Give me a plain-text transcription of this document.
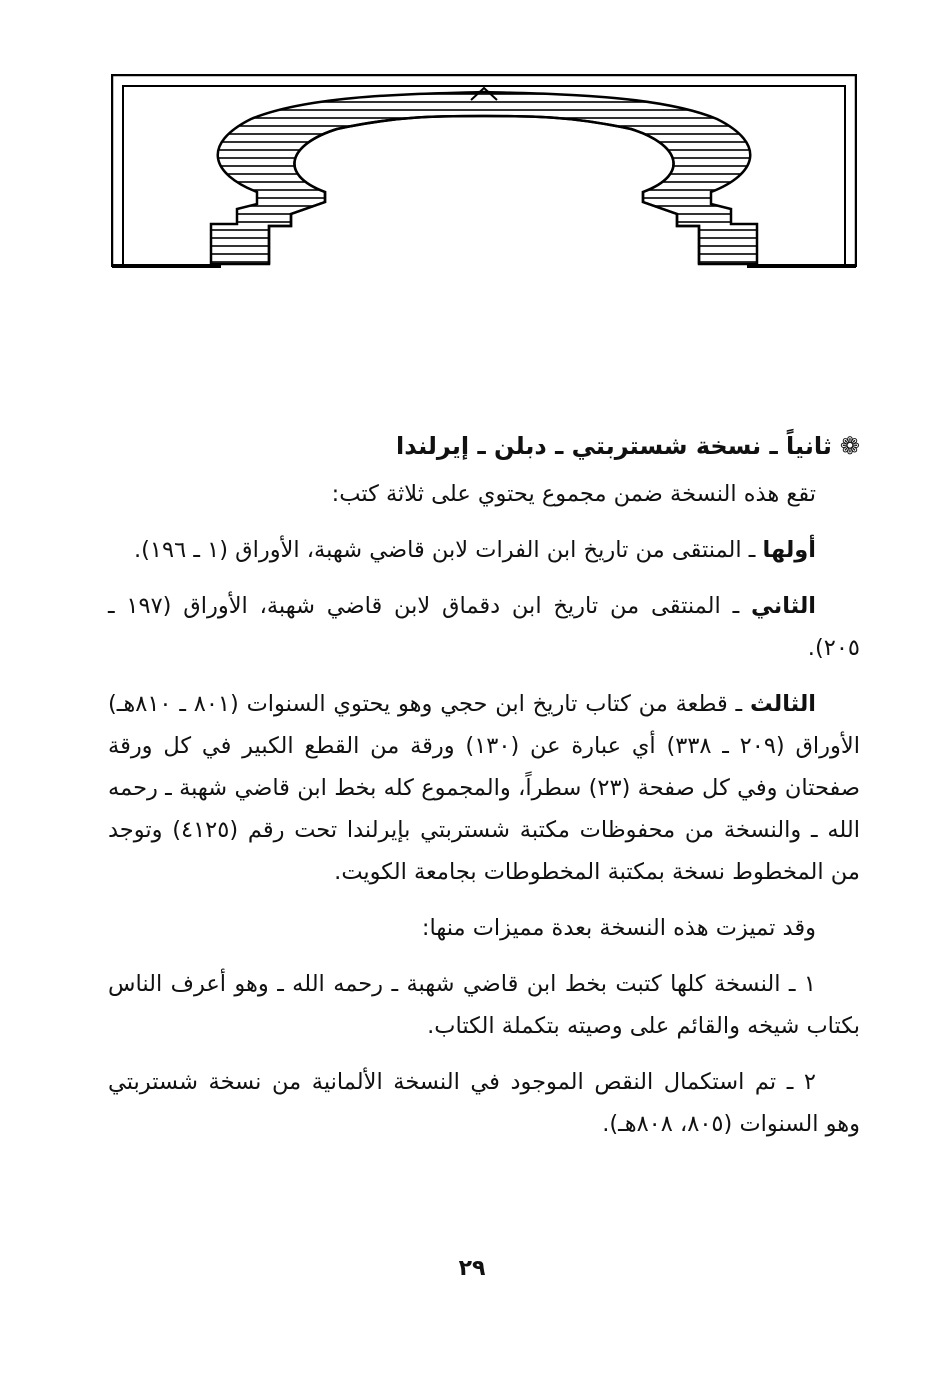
❁
ثانياً ـ نسخة شستربتي ـ دبلن ـ إيرلندا

تقع هذه النسخة ضمن مجموع يحتوي على ثلاثة كتب:

أولها ـ المنتقى من تاريخ ابن الفرات لابن قاضي شهبة، الأوراق (١ ـ ١٩٦).

الثاني ـ المنتقى من تاريخ ابن دقماق لابن قاضي شهبة، الأوراق (١٩٧ ـ ٢٠٥).

الثالث ـ قطعة من كتاب تاريخ ابن حجي وهو يحتوي السنوات (٨٠١ ـ ٨١٠هـ) الأوراق (٢٠٩ ـ ٣٣٨) أي عبارة عن (١٣٠) ورقة من القطع الكبير في كل ورقة صفحتان وفي كل صفحة (٢٣) سطراً، والمجموع كله بخط ابن قاضي شهبة ـ رحمه الله ـ والنسخة من محفوظات مكتبة شستربتي بإيرلندا تحت رقم (٤١٢٥) وتوجد من المخطوط نسخة بمكتبة المخطوطات بجامعة الكويت.

وقد تميزت هذه النسخة بعدة مميزات منها:

١ ـ النسخة كلها كتبت بخط ابن قاضي شهبة ـ رحمه الله ـ وهو أعرف الناس بكتاب شيخه والقائم على وصيته بتكملة الكتاب.

٢ ـ تم استكمال النقص الموجود في النسخة الألمانية من نسخة شستربتي وهو السنوات (٨٠٥، ٨٠٨هـ).

٢٩
